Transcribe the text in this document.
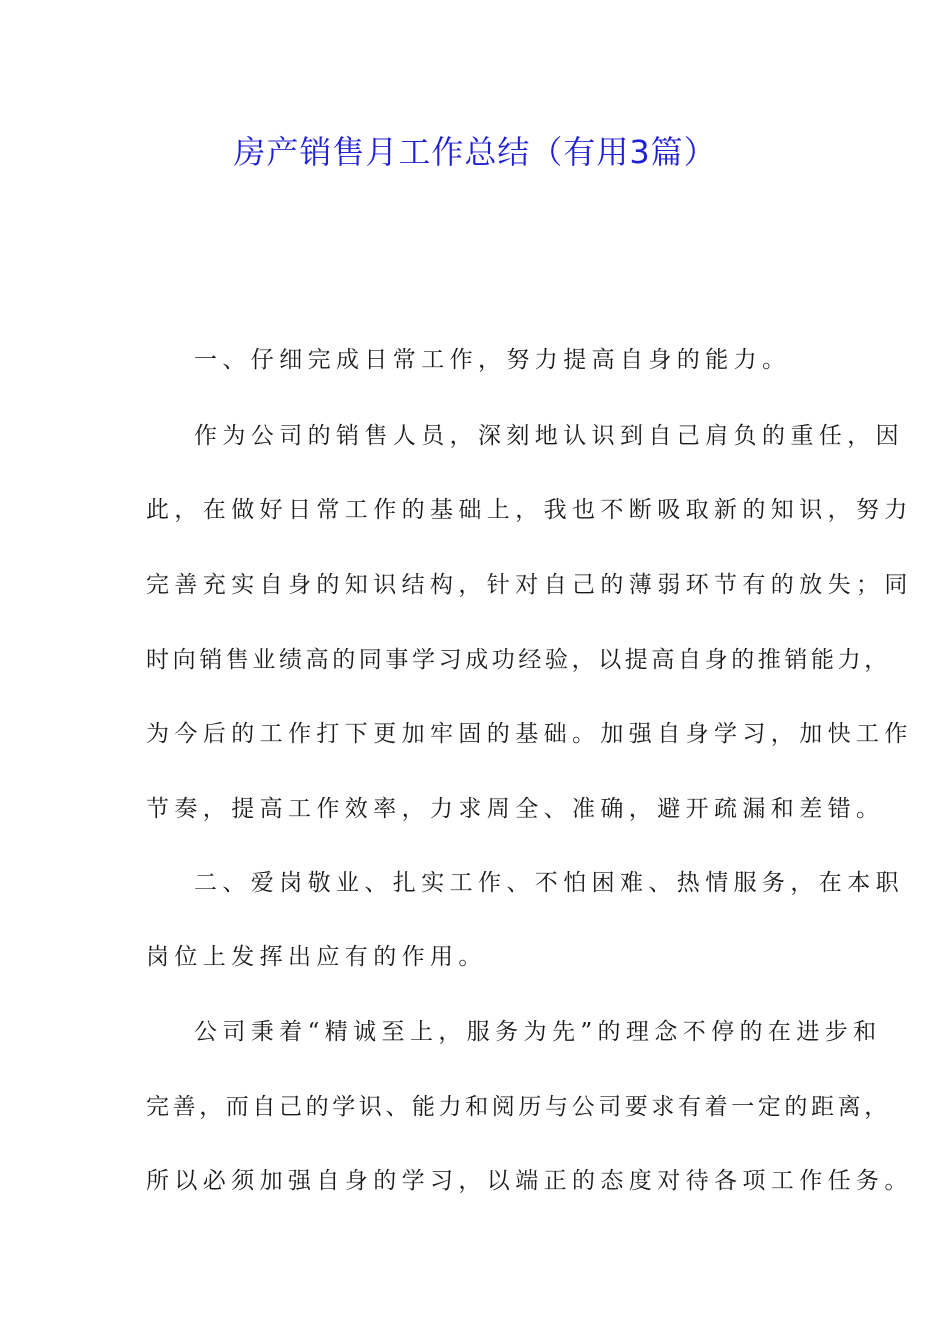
房产销售月工作总结（有用3篇）
一、仔细完成日常工作，努力提高自身的能力。
作为公司的销售人员，深刻地认识到自己肩负的重任，因
此，在做好日常工作的基础上，我也不断吸取新的知识，努力
完善充实自身的知识结构，针对自己的薄弱环节有的放失；同
时向销售业绩高的同事学习成功经验，以提高自身的推销能力，
为今后的工作打下更加牢固的基础。加强自身学习，加快工作
节奏，提高工作效率，力求周全、准确，避开疏漏和差错。
二、爱岗敬业、扎实工作、不怕困难、热情服务，在本职
岗位上发挥出应有的作用。
公司秉着“精诚至上，服务为先”的理念不停的在进步和
完善，而自己的学识、能力和阅历与公司要求有着一定的距离，
所以必须加强自身的学习，以端正的态度对待各项工作任务。
